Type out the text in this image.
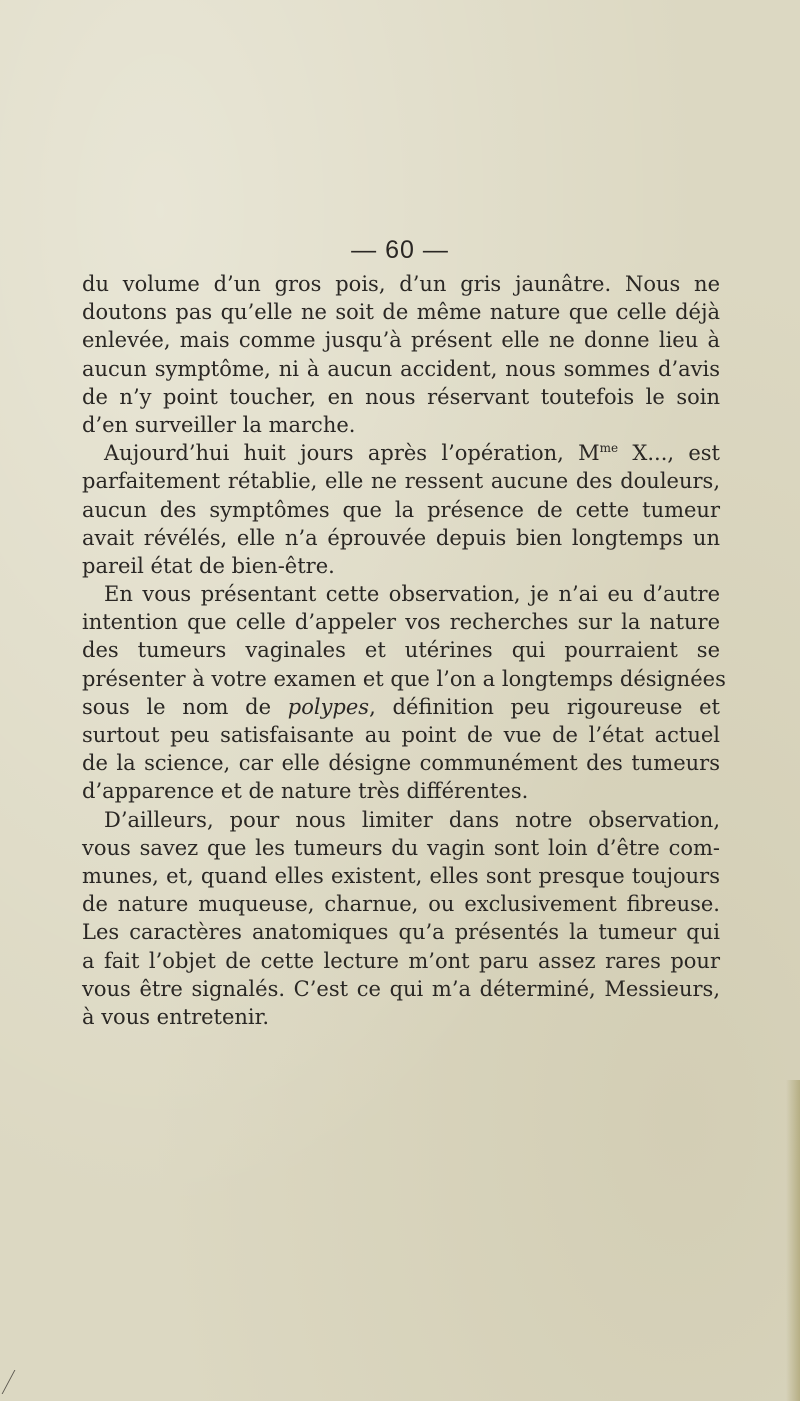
— 60 —
du volume d’un gros pois, d’un gris jaunâtre. Nous ne
doutons pas qu’elle ne soit de même nature que celle déjà
enlevée, mais comme jusqu’à présent elle ne donne lieu à
aucun symptôme, ni à aucun accident, nous sommes d’avis
de n’y point toucher, en nous réservant toutefois le soin
d’en surveiller la marche.
Aujourd’hui huit jours après l’opération, $M^{me}$ X..., est
parfaitement rétablie, elle ne ressent aucune des douleurs,
aucun des symptômes que la présence de cette tumeur
avait révélés, elle n’a éprouvée depuis bien longtemps un
pareil état de bien-être.
En vous présentant cette observation, je n’ai eu d’autre
intention que celle d’appeler vos recherches sur la nature
des tumeurs vaginales et utérines qui pourraient se
présenter à votre examen et que l’on a longtemps désignées
sous le nom de polypes, définition peu rigoureuse et
surtout peu satisfaisante au point de vue de l’état actuel
de la science, car elle désigne communément des tumeurs
d’apparence et de nature très différentes.
D’ailleurs, pour nous limiter dans notre observation,
vous savez que les tumeurs du vagin sont loin d’être com-
munes, et, quand elles existent, elles sont presque toujours
de nature muqueuse, charnue, ou exclusivement fibreuse.
Les caractères anatomiques qu’a présentés la tumeur qui
a fait l’objet de cette lecture m’ont paru assez rares pour
vous être signalés. C’est ce qui m’a déterminé, Messieurs,
à vous entretenir.
